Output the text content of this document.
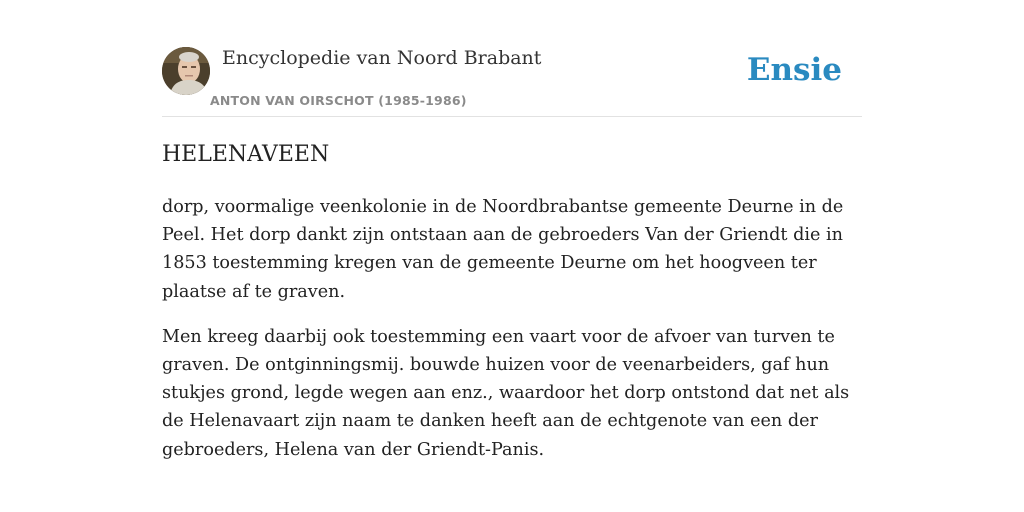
Encyclopedie van Noord Brabant
ANTON VAN OIRSCHOT (1985-1986)
Ensie
HELENAVEEN

dorp, voormalige veenkolonie in de Noordbrabantse gemeente Deurne in de Peel. Het dorp dankt zijn ontstaan aan de gebroeders Van der Griendt die in 1853 toestemming kregen van de gemeente Deurne om het hoogveen ter plaatse af te graven.

Men kreeg daarbij ook toestemming een vaart voor de afvoer van turven te graven. De ontginningsmij. bouwde huizen voor de veenarbeiders, gaf hun stukjes grond, legde wegen aan enz., waardoor het dorp ontstond dat net als de Helenavaart zijn naam te danken heeft aan de echtgenote van een der gebroeders, Helena van der Griendt-Panis.
